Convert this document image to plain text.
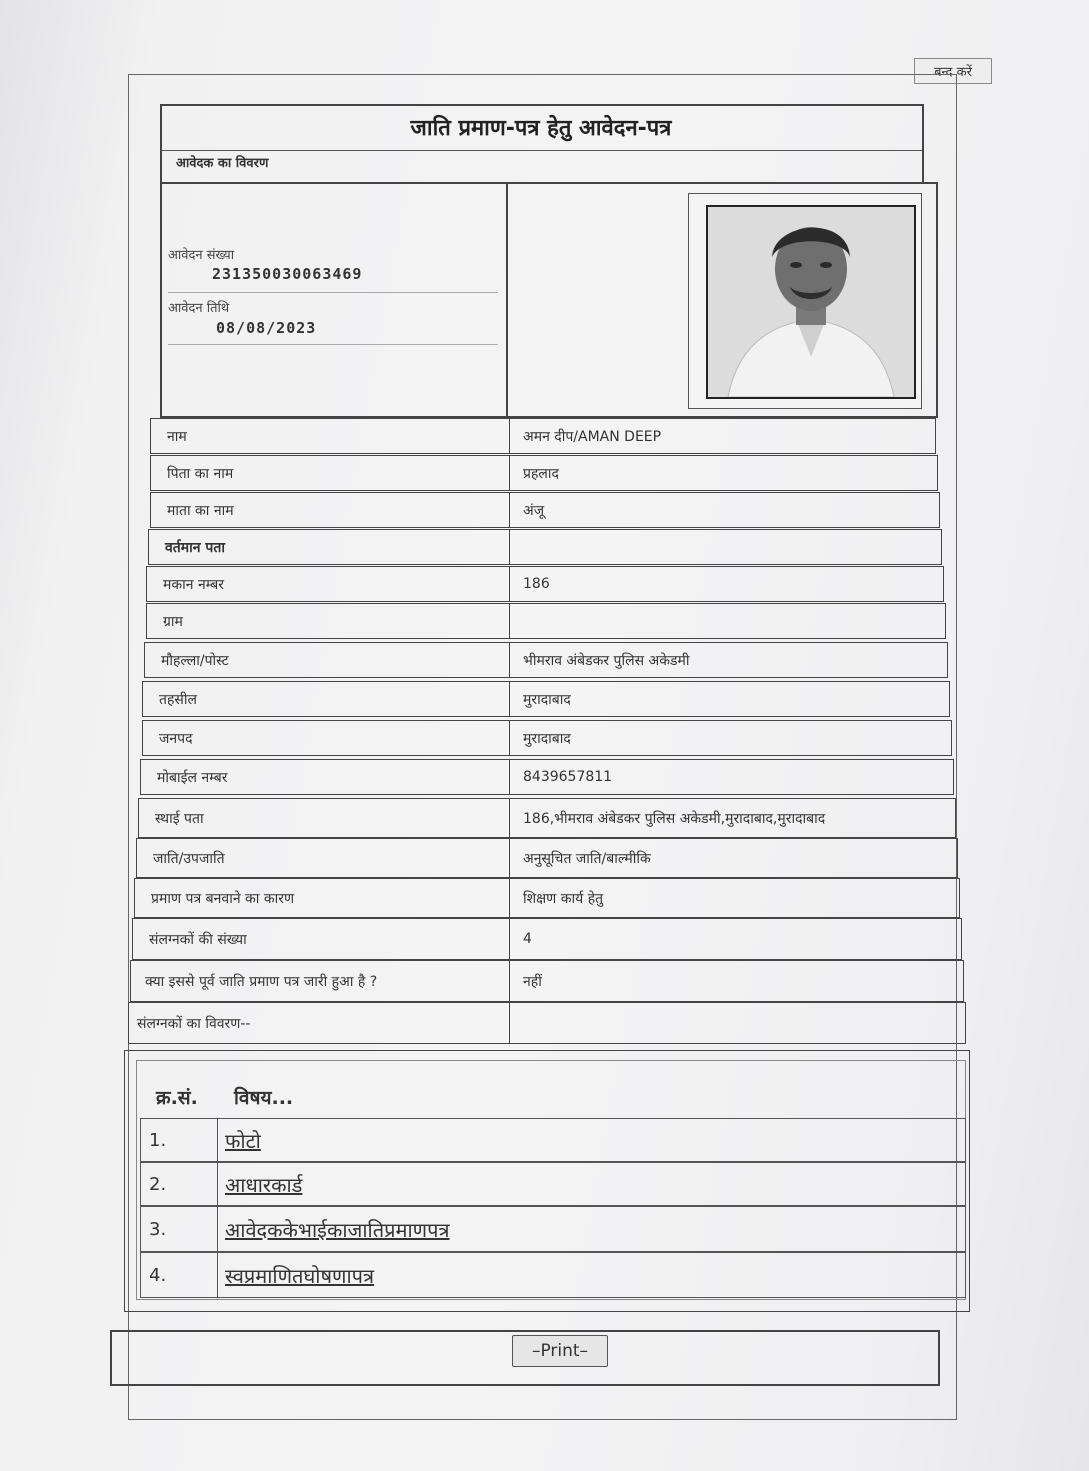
बन्द करें
जाति प्रमाण-पत्र हेतु आवेदन-पत्र
आवेदक का विवरण
आवेदन संख्या
231350030063469
आवेदन तिथि
08/08/2023
नाम	अमन दीप/AMAN DEEP
पिता का नाम	प्रहलाद
माता का नाम	अंजू
वर्तमान पता
मकान नम्बर	186
ग्राम
मौहल्ला/पोस्ट	भीमराव अंबेडकर पुलिस अकेडमी
तहसील	मुरादाबाद
जनपद	मुरादाबाद
मोबाईल नम्बर	8439657811
स्थाई पता	186,भीमराव अंबेडकर पुलिस अकेडमी,मुरादाबाद,मुरादाबाद
जाति/उपजाति	अनुसूचित जाति/बाल्मीकि
प्रमाण पत्र बनवाने का कारण	शिक्षण कार्य हेतु
संलग्नकों की संख्या	4
क्या इससे पूर्व जाति प्रमाण पत्र जारी हुआ है ?	नहीं
संलग्नकों का विवरण--
क्र.सं. विषय...
1.	फोटो
2.	आधारकार्ड
3.	आवेदककेभाईकाजातिप्रमाणपत्र
4.	स्वप्रमाणितघोषणापत्र
–Print–
